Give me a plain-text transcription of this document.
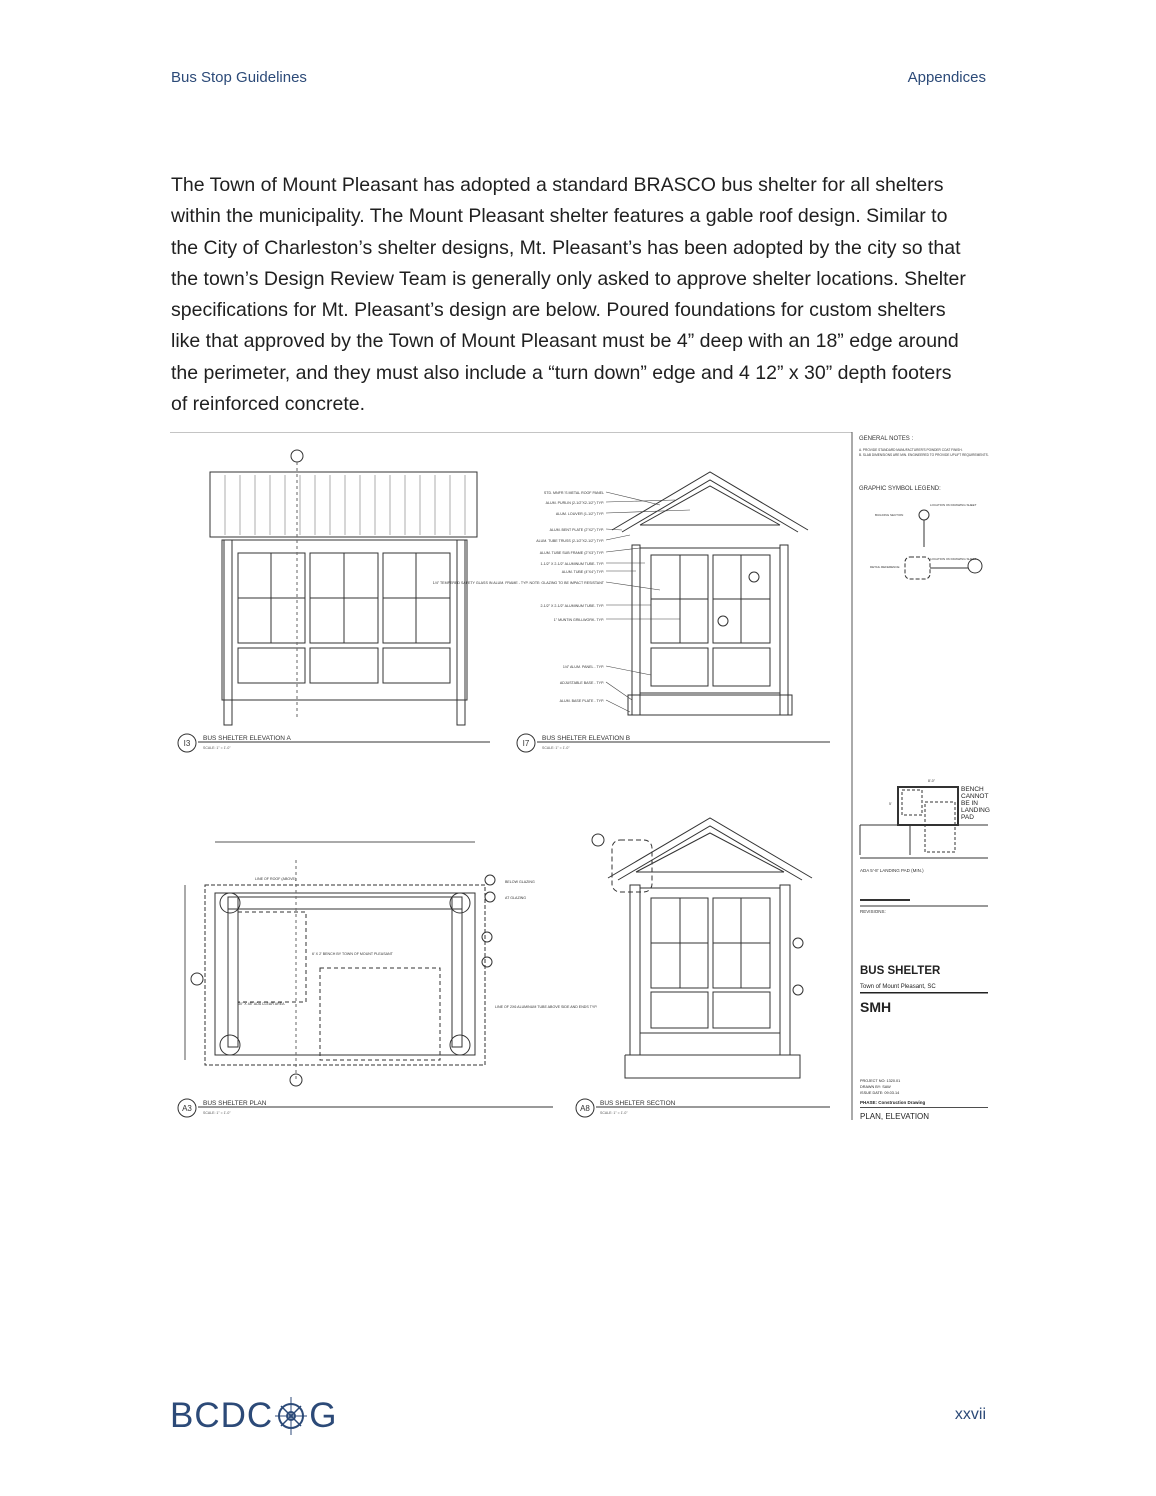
Bus Stop Guidelines	Appendices

The Town of Mount Pleasant has adopted a standard BRASCO bus shelter for all shelters within the municipality. The Mount Pleasant shelter features a gable roof design. Similar to the City of Charleston’s shelter designs, Mt. Pleasant’s has been adopted by the city so that the town’s Design Review Team is generally only asked to approve shelter locations. Shelter specifications for Mt. Pleasant’s design are below. Poured foundations for custom shelters like that approved by the Town of Mount Pleasant must be 4” deep with an 18” edge around the perimeter, and they must also include a “turn down” edge and 4 12” x 30” depth footers of reinforced concrete.

I3
BUS SHELTER ELEVATION A
SCALE: 1" = 1'-0"
STD. MNFR.'S METAL ROOF PANEL
ALUM. PURLIN (2-1/2"X2-1/2") TYP.
ALUM. LOUVER (1-1/2") TYP.
ALUM. BENT PLATE (2"X2") TYP.
ALUM. TUBE TRUSS (2-1/2"X2-1/2") TYP.
ALUM. TUBE SUB FRAME (2"X3") TYP.
1-1/2" X 2-1/2" ALUMINUM TUBE- TYP.
ALUM. TUBE (4"X4") TYP.
1/4" TEMPERED SAFETY GLASS IN ALUM. FRAME - TYP. NOTE: GLAZING TO BE IMPACT RESISTANT
2-1/2" X 2-1/2" ALUMINUM TUBE- TYP.
1" MUNTIN GRILLWORK- TYP.
1/4" ALUM. PANEL - TYP.
ADJUSTABLE BASE - TYP.
ALUM. BASE PLATE - TYP.
I7
BUS SHELTER ELEVATION B
SCALE: 1" = 1'-0"
LINE OF ROOF (ABOVE)
6' X 2' BENCH BY TOWN OF MOUNT PLEASANT
30" X 48" ADA CLEAR AREA
LINE OF 2X6 ALUMINUM TUBE ABOVE SIDE AND ENDS TYP.
BELOW GLAZING
AT GLAZING
A3
BUS SHELTER PLAN
SCALE: 1" = 1'-0"	A8
BUS SHELTER SECTION
SCALE: 1" = 1'-0"
GENERAL NOTES :
A. PROVIDE STANDARD MANUFACTURER'S POWDER COAT FINISH.
B. SLAB DIMENSIONS ARE MIN. ENGINEERED TO PROVIDE UPLIFT REQUIREMENTS.
GRAPHIC SYMBOL LEGEND:
BUILDING SECTION
DETAIL REFERENCE
LOCATION ON DRAWING SHEET
LOCATION ON DRAWING SHEET
8'-0"
5'
ADA 5'-8' LANDING PAD (MIN.)
REVISIONS:
BUS SHELTER
Town of Mount Pleasant, SC
SMH
PROJECT NO: 1320.01
DRAWN BY: SAW
ISSUE DATE: 09.03.14
PHASE: Construction Drawing
PLAN, ELEVATION
BENCH CANNOT BE IN LANDING PAD
BCDC G	xxvii
